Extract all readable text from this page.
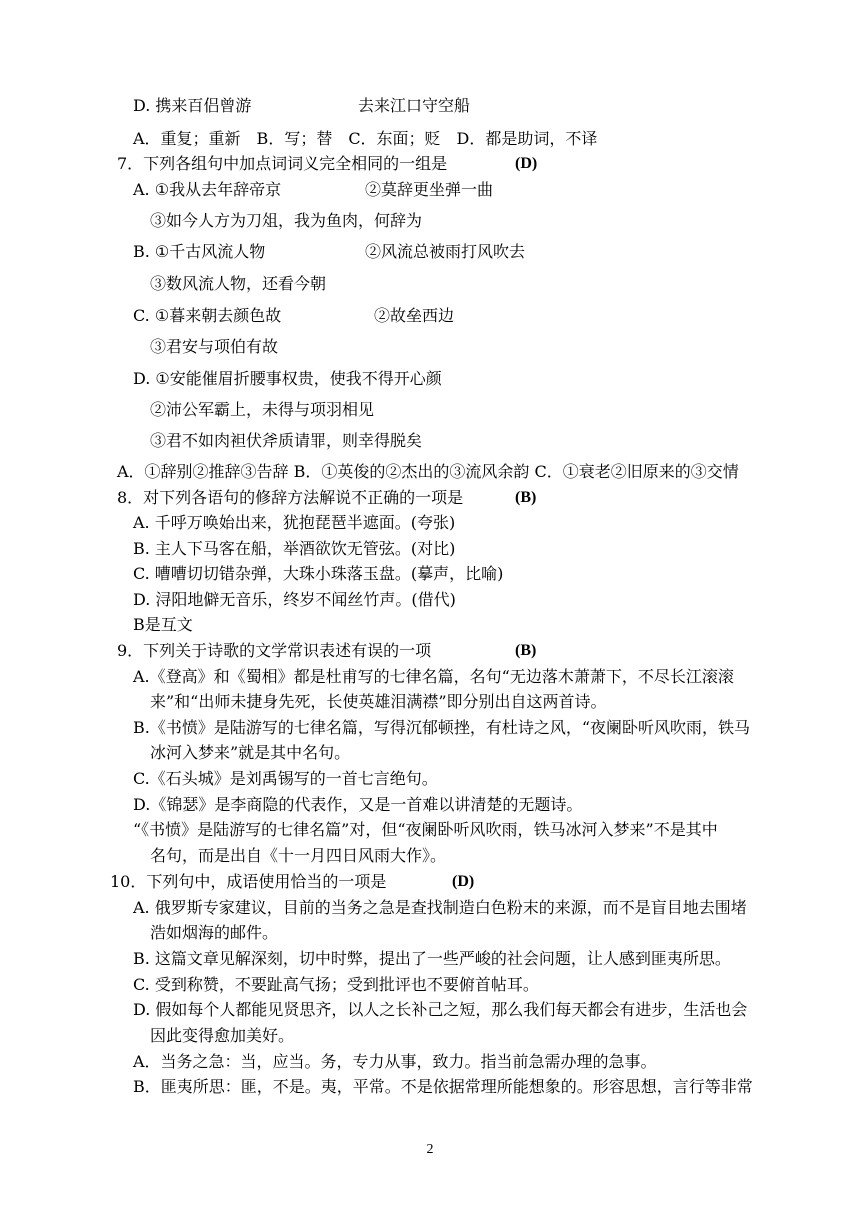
D. 携来百侣曾游	去来江口守空船
A．重复；重新　B．写；替　C．东面；贬　D．都是助词，不译
7．下列各组句中加点词词义完全相同的一组是	(D)
A. ①我从去年辞帝京	②莫辞更坐弹一曲
③如今人方为刀俎，我为鱼肉，何辞为
B. ①千古风流人物	②风流总被雨打风吹去
③数风流人物，还看今朝
C. ①暮来朝去颜色故	②故垒西边
③君安与项伯有故
D. ①安能催眉折腰事权贵，使我不得开心颜
②沛公军霸上，未得与项羽相见
③君不如肉袒伏斧质请罪，则幸得脱矣
A．①辞别②推辞③告辞 B．①英俊的②杰出的③流风余韵 C．①衰老②旧原来的③交情
8．对下列各语句的修辞方法解说不正确的一项是	(B)
A. 千呼万唤始出来，犹抱琵琶半遮面。(夸张)
B. 主人下马客在船，举酒欲饮无管弦。(对比)
C. 嘈嘈切切错杂弹，大珠小珠落玉盘。(摹声，比喻)
D. 浔阳地僻无音乐，终岁不闻丝竹声。(借代)
B是互文
9．下列关于诗歌的文学常识表述有误的一项	(B)
A.《登高》和《蜀相》都是杜甫写的七律名篇，名句“无边落木萧萧下，不尽长江滚滚
来”和“出师未捷身先死，长使英雄泪满襟”即分别出自这两首诗。
B.《书愤》是陆游写的七律名篇，写得沉郁顿挫，有杜诗之风，“夜阑卧听风吹雨，铁马
冰河入梦来”就是其中名句。
C.《石头城》是刘禹锡写的一首七言绝句。
D.《锦瑟》是李商隐的代表作，又是一首难以讲清楚的无题诗。
“《书愤》是陆游写的七律名篇”对，但“夜阑卧听风吹雨，铁马冰河入梦来”不是其中
名句，而是出自《十一月四日风雨大作》。
10．下列句中，成语使用恰当的一项是	(D)
A. 俄罗斯专家建议，目前的当务之急是查找制造白色粉末的来源，而不是盲目地去围堵
浩如烟海的邮件。
B. 这篇文章见解深刻，切中时弊，提出了一些严峻的社会问题，让人感到匪夷所思。
C. 受到称赞，不要趾高气扬；受到批评也不要俯首帖耳。
D. 假如每个人都能见贤思齐，以人之长补己之短，那么我们每天都会有进步，生活也会
因此变得愈加美好。
A．当务之急：当，应当。务，专力从事，致力。指当前急需办理的急事。
B．匪夷所思：匪，不是。夷，平常。不是依据常理所能想象的。形容思想，言行等非常
2
